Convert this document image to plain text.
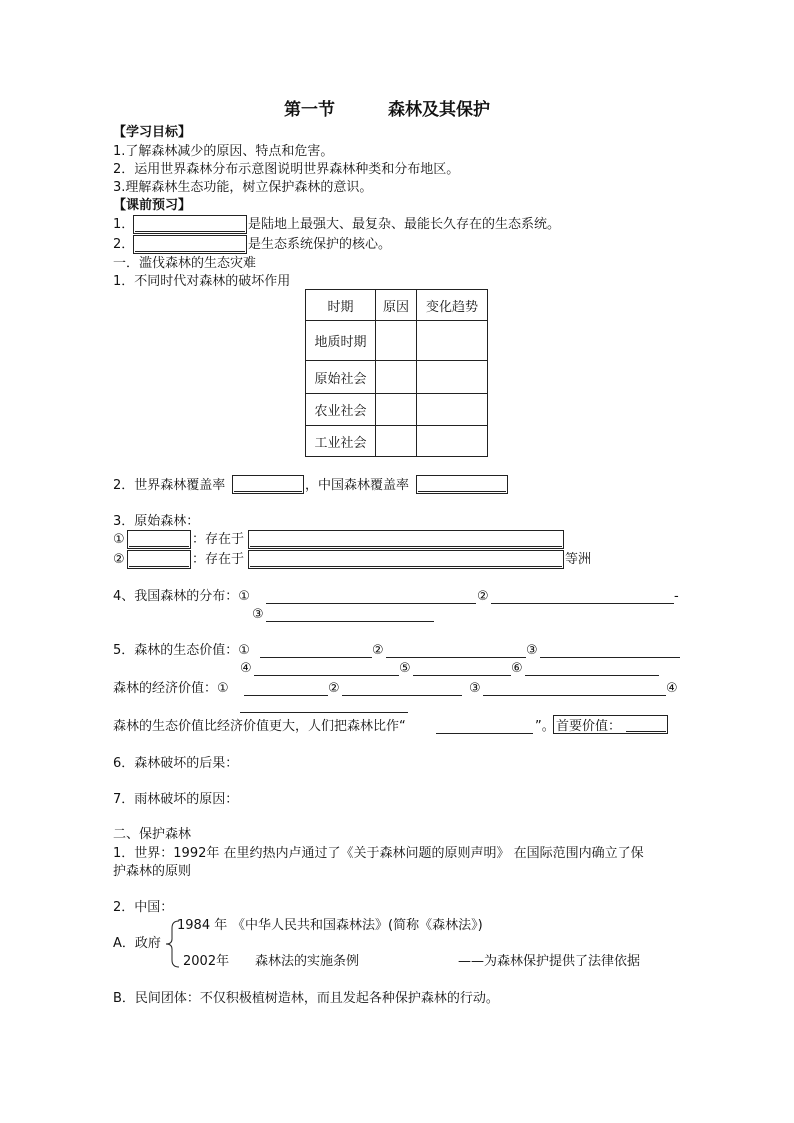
第一节	森林及其保护
【学习目标】
1.了解森林减少的原因、特点和危害。
2．运用世界森林分布示意图说明世界森林种类和分布地区。
3.理解森林生态功能，树立保护森林的意识。
【课前预习】
1．	是陆地上最强大、最复杂、最能长久存在的生态系统。
2．	是生态系统保护的核心。
一．滥伐森林的生态灾难
1．不同时代对森林的破坏作用
时期	原因	变化趋势
地质时期		
原始社会		
农业社会		
工业社会		
2．世界森林覆盖率	，中国森林覆盖率
3．原始森林：
①	：存在于
②	：存在于	等洲
4、我国森林的分布：①	②	-
③
5．森林的生态价值：①	②	③
④	⑤	⑥
森林的经济价值：①	②	③	④
森林的生态价值比经济价值更大，人们把森林比作“	”。 首要价值：
6．森林破坏的后果：
7．雨林破坏的原因：
二、保护森林
1．世界：1992年 在里约热内卢通过了《关于森林问题的原则声明》 在国际范围内确立了保
护森林的原则
2．中国：
A．政府
1984 年 《中华人民共和国森林法》(简称《森林法》)
2002年 森林法的实施条例	——为森林保护提供了法律依据
B．民间团体：不仅积极植树造林，而且发起各种保护森林的行动。
